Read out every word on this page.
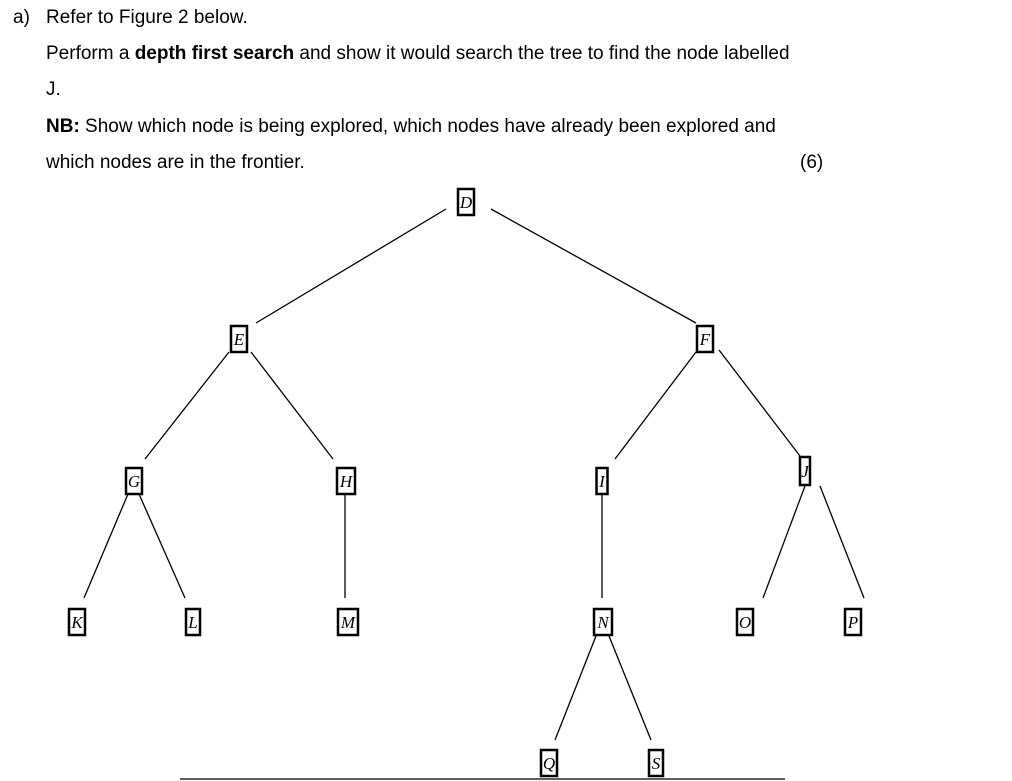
a) Refer to Figure 2 below.
Perform a depth first search and show it would search the tree to find the node labelled
J.
NB: Show which node is being explored, which nodes have already been explored and
which nodes are in the frontier.	(6)
D
E	F
G	H	I
J
K	L	M	N	O	P
Q	S
